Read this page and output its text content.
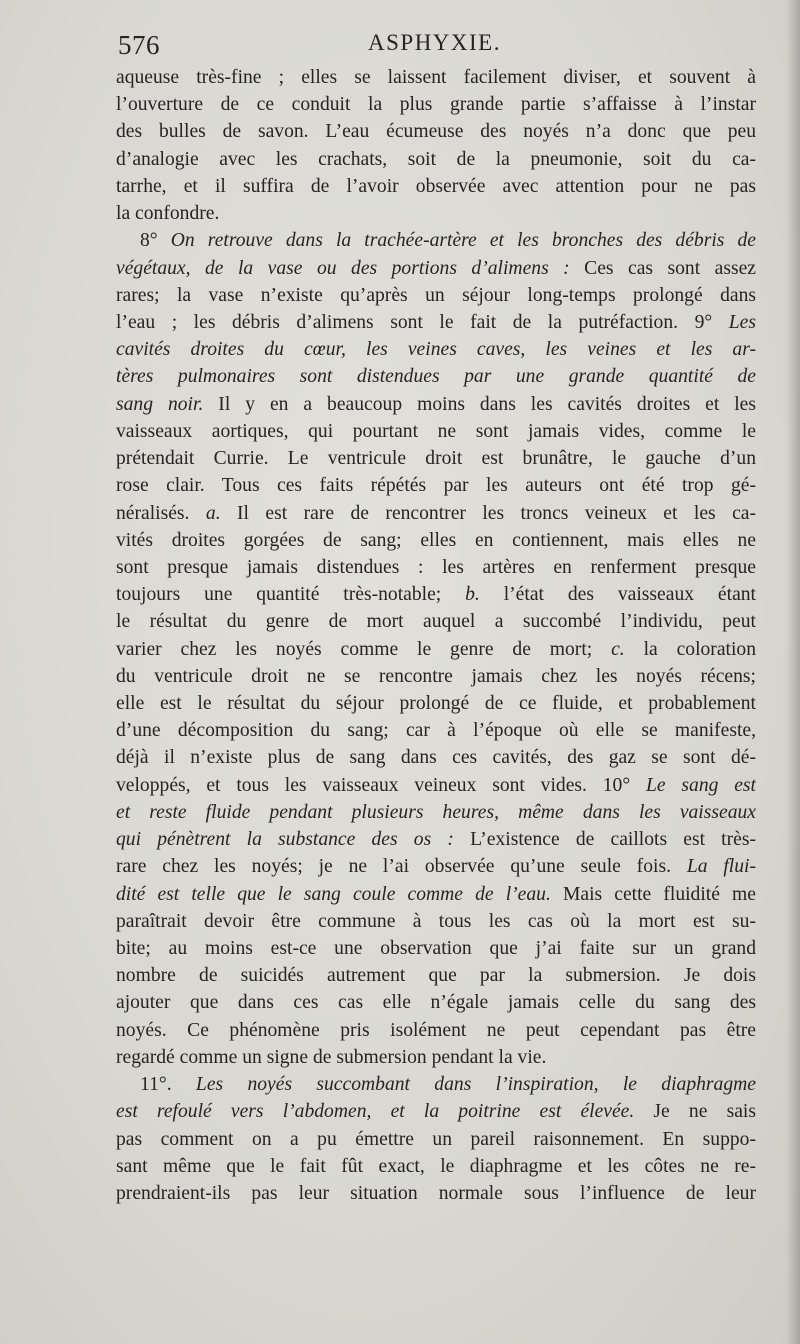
576	ASPHYXIE.
aqueuse très-fine ; elles se laissent facilement diviser, et souvent à
l’ouverture de ce conduit la plus grande partie s’affaisse à l’instar
des bulles de savon. L’eau écumeuse des noyés n’a donc que peu
d’analogie avec les crachats, soit de la pneumonie, soit du ca-
tarrhe, et il suffira de l’avoir observée avec attention pour ne pas
la confondre.
8° On retrouve dans la trachée-artère et les bronches des débris de
végétaux, de la vase ou des portions d’alimens : Ces cas sont assez
rares; la vase n’existe qu’après un séjour long-temps prolongé dans
l’eau ; les débris d’alimens sont le fait de la putréfaction. 9° Les
cavités droites du cœur, les veines caves, les veines et les ar-
tères pulmonaires sont distendues par une grande quantité de
sang noir. Il y en a beaucoup moins dans les cavités droites et les
vaisseaux aortiques, qui pourtant ne sont jamais vides, comme le
prétendait Currie. Le ventricule droit est brunâtre, le gauche d’un
rose clair. Tous ces faits répétés par les auteurs ont été trop gé-
néralisés. a. Il est rare de rencontrer les troncs veineux et les ca-
vités droites gorgées de sang; elles en contiennent, mais elles ne
sont presque jamais distendues : les artères en renferment presque
toujours une quantité très-notable; b. l’état des vaisseaux étant
le résultat du genre de mort auquel a succombé l’individu, peut
varier chez les noyés comme le genre de mort; c. la coloration
du ventricule droit ne se rencontre jamais chez les noyés récens;
elle est le résultat du séjour prolongé de ce fluide, et probablement
d’une décomposition du sang; car à l’époque où elle se manifeste,
déjà il n’existe plus de sang dans ces cavités, des gaz se sont dé-
veloppés, et tous les vaisseaux veineux sont vides. 10° Le sang est
et reste fluide pendant plusieurs heures, même dans les vaisseaux
qui pénètrent la substance des os : L’existence de caillots est très-
rare chez les noyés; je ne l’ai observée qu’une seule fois. La flui-
dité est telle que le sang coule comme de l’eau. Mais cette fluidité me
paraîtrait devoir être commune à tous les cas où la mort est su-
bite; au moins est-ce une observation que j’ai faite sur un grand
nombre de suicidés autrement que par la submersion. Je dois
ajouter que dans ces cas elle n’égale jamais celle du sang des
noyés. Ce phénomène pris isolément ne peut cependant pas être
regardé comme un signe de submersion pendant la vie.
11°. Les noyés succombant dans l’inspiration, le diaphragme
est refoulé vers l’abdomen, et la poitrine est élevée. Je ne sais
pas comment on a pu émettre un pareil raisonnement. En suppo-
sant même que le fait fût exact, le diaphragme et les côtes ne re-
prendraient-ils pas leur situation normale sous l’influence de leur
